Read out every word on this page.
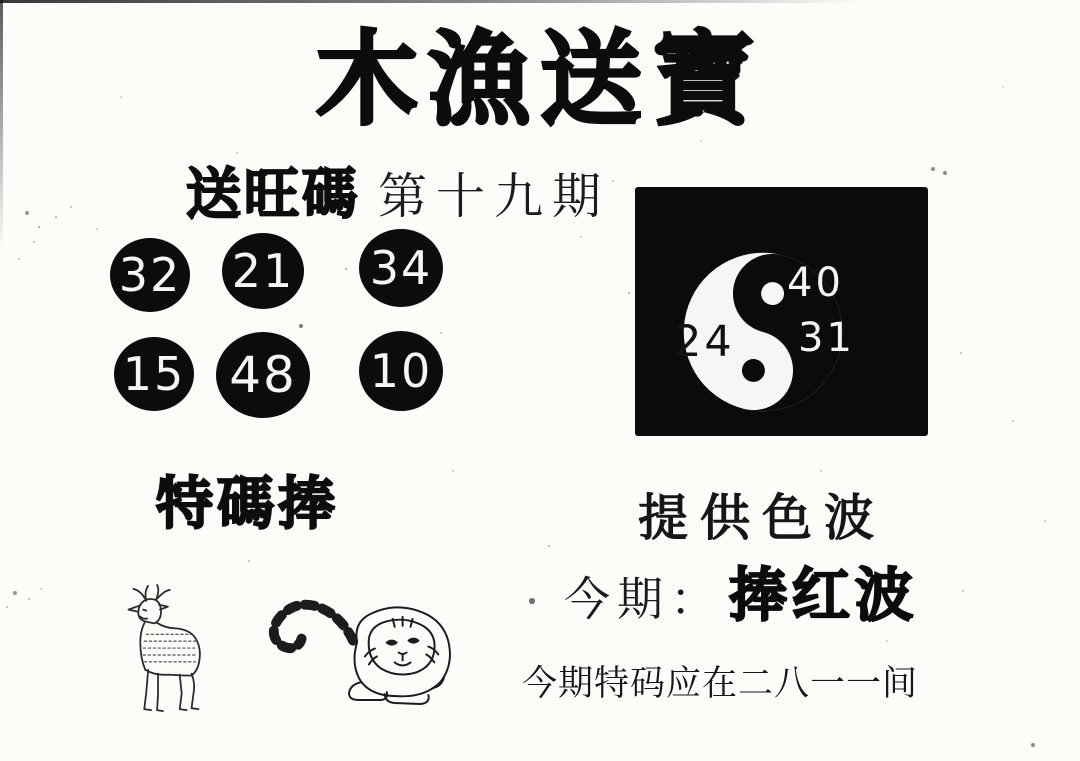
木漁送寶
送旺碼 第十九期
32 21 34
15 48 10
40
31
24
特碼捧	提供色波
今期： 捧红波
今期特码应在二八一一间
